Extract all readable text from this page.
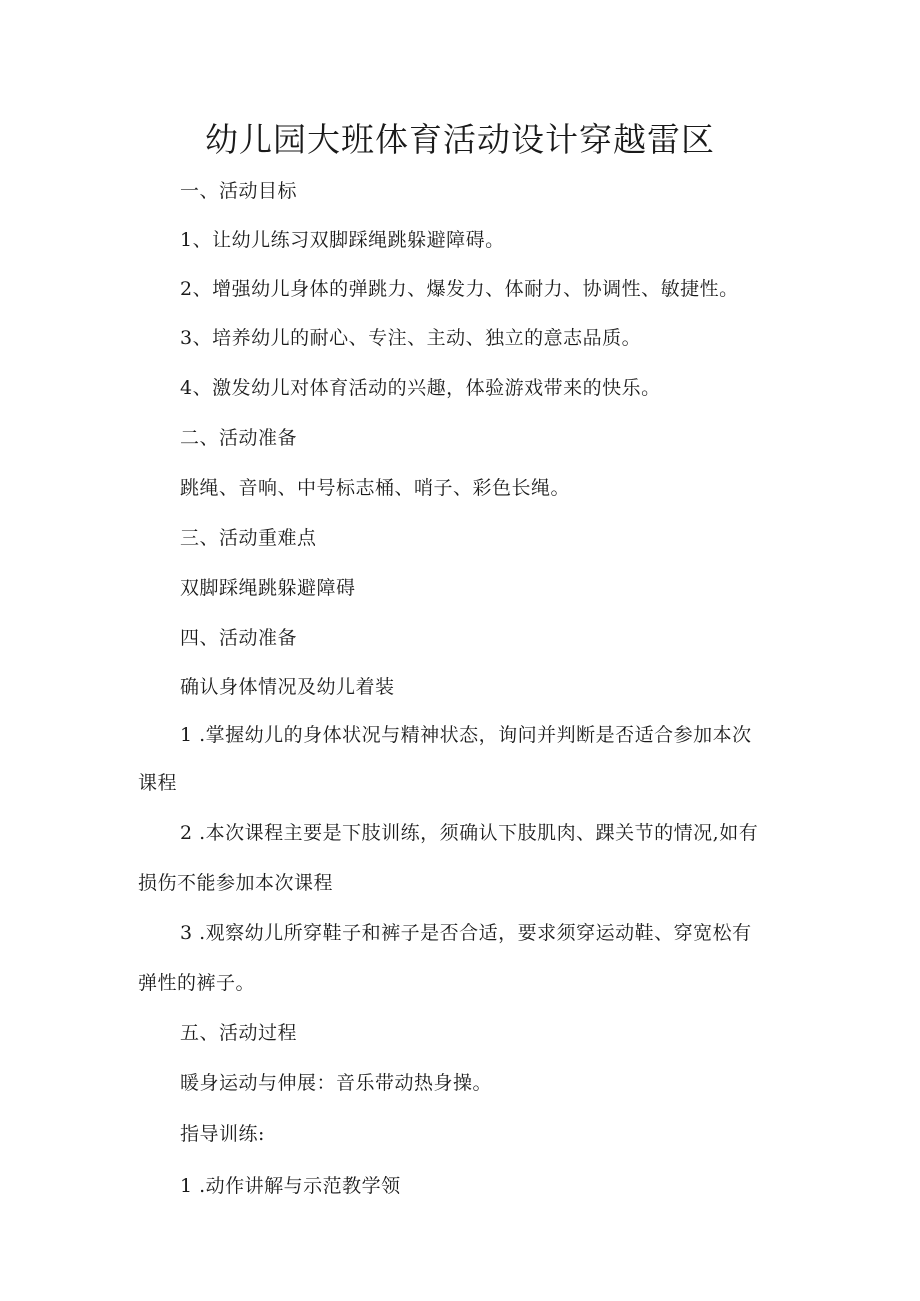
幼儿园大班体育活动设计穿越雷区
一、活动目标
1、让幼儿练习双脚踩绳跳躲避障碍。
2、增强幼儿身体的弹跳力、爆发力、体耐力、协调性、敏捷性。
3、培养幼儿的耐心、专注、主动、独立的意志品质。
4、激发幼儿对体育活动的兴趣，体验游戏带来的快乐。
二、活动准备
跳绳、音响、中号标志桶、哨子、彩色长绳。
三、活动重难点
双脚踩绳跳躲避障碍
四、活动准备
确认身体情况及幼儿着装
1 .掌握幼儿的身体状况与精神状态，询问并判断是否适合参加本次
课程
2 .本次课程主要是下肢训练，须确认下肢肌肉、踝关节的情况,如有
损伤不能参加本次课程
3 .观察幼儿所穿鞋子和裤子是否合适，要求须穿运动鞋、穿宽松有
弹性的裤子。
五、活动过程
暖身运动与伸展：音乐带动热身操。
指导训练:
1 .动作讲解与示范教学领
